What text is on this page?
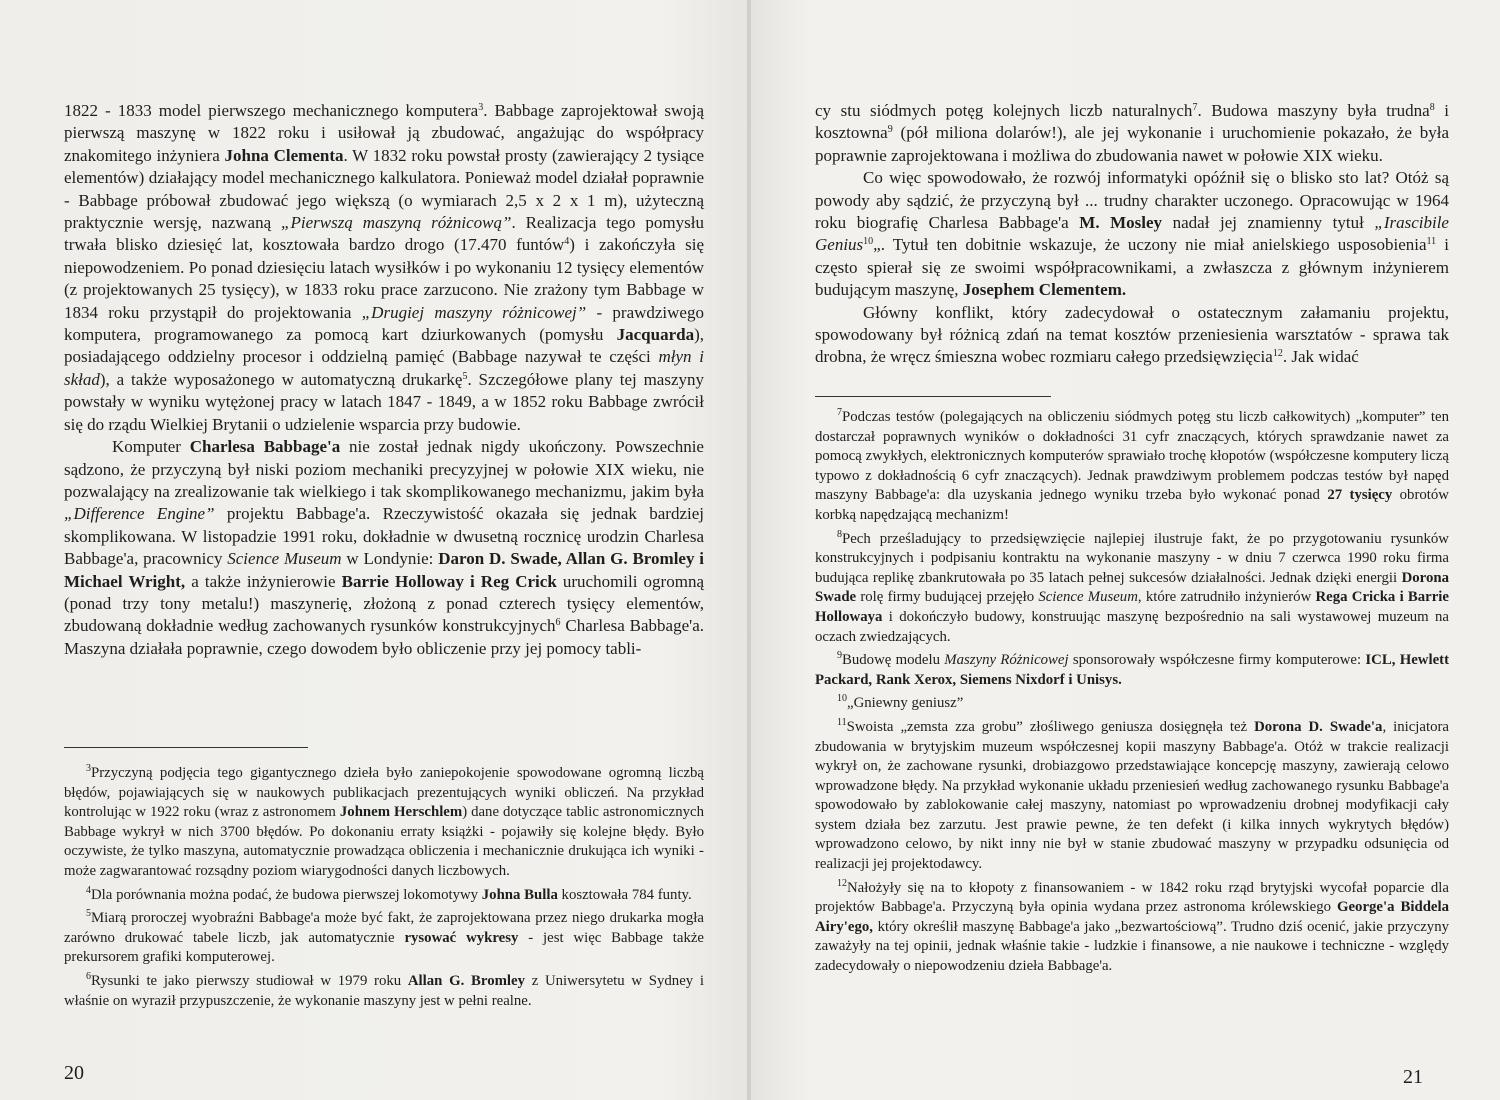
1822 - 1833 model pierwszego mechanicznego komputera$^3$. Babbage zaprojektował swoją pierwszą maszynę w 1822 roku i usiłował ją zbudować, angażując do współpracy znakomitego inżyniera Johna Clementa. W 1832 roku powstał prosty (zawierający 2 tysiące elementów) działający model mechanicznego kalkulatora. Ponieważ model działał poprawnie - Babbage próbował zbudować jego większą (o wymiarach 2,5 x 2 x 1 m), użyteczną praktycznie wersję, nazwaną „Pierwszą maszyną różnicową”. Realizacja tego pomysłu trwała blisko dziesięć lat, kosztowała bardzo drogo (17.470 funtów$^4$) i zakończyła się niepowodzeniem. Po ponad dziesięciu latach wysiłków i po wykonaniu 12 tysięcy elementów (z projektowanych 25 tysięcy), w 1833 roku prace zarzucono. Nie zrażony tym Babbage w 1834 roku przystąpił do projektowania „Drugiej maszyny różnicowej” - prawdziwego komputera, programowanego za pomocą kart dziurkowanych (pomysłu Jacquarda), posiadającego oddzielny procesor i oddzielną pamięć (Babbage nazywał te części młyn i skład), a także wyposażonego w automatyczną drukarkę$^5$. Szczegółowe plany tej maszyny powstały w wyniku wytężonej pracy w latach 1847 - 1849, a w 1852 roku Babbage zwrócił się do rządu Wielkiej Brytanii o udzielenie wsparcia przy budowie.

Komputer Charlesa Babbage'a nie został jednak nigdy ukończony. Powszechnie sądzono, że przyczyną był niski poziom mechaniki precyzyjnej w połowie XIX wieku, nie pozwalający na zrealizowanie tak wielkiego i tak skomplikowanego mechanizmu, jakim była „Difference Engine” projektu Babbage'a. Rzeczywistość okazała się jednak bardziej skomplikowana. W listopadzie 1991 roku, dokładnie w dwusetną rocznicę urodzin Charlesa Babbage'a, pracownicy Science Museum w Londynie: Daron D. Swade, Allan G. Bromley i Michael Wright, a także inżynierowie Barrie Holloway i Reg Crick uruchomili ogromną (ponad trzy tony metalu!) maszynerię, złożoną z ponad czterech tysięcy elementów, zbudowaną dokładnie według zachowanych rysunków konstrukcyjnych$^6$ Charlesa Babbage'a. Maszyna działała poprawnie, czego dowodem było obliczenie przy jej pomocy tabli-

$^3$Przyczyną podjęcia tego gigantycznego dzieła było zaniepokojenie spowodowane ogromną liczbą błędów, pojawiających się w naukowych publikacjach prezentujących wyniki obliczeń. Na przykład kontrolując w 1922 roku (wraz z astronomem Johnem Herschlem) dane dotyczące tablic astronomicznych Babbage wykrył w nich 3700 błędów. Po dokonaniu erraty książki - pojawiły się kolejne błędy. Było oczywiste, że tylko maszyna, automatycznie prowadząca obliczenia i mechanicznie drukująca ich wyniki - może zagwarantować rozsądny poziom wiarygodności danych liczbowych.

$^4$Dla porównania można podać, że budowa pierwszej lokomotywy Johna Bulla kosztowała 784 funty.

$^5$Miarą proroczej wyobraźni Babbage'a może być fakt, że zaprojektowana przez niego drukarka mogła zarówno drukować tabele liczb, jak automatycznie rysować wykresy - jest więc Babbage także prekursorem grafiki komputerowej.

$^6$Rysunki te jako pierwszy studiował w 1979 roku Allan G. Bromley z Uniwersytetu w Sydney i właśnie on wyraził przypuszczenie, że wykonanie maszyny jest w pełni realne.

20

cy stu siódmych potęg kolejnych liczb naturalnych$^7$. Budowa maszyny była trudna$^8$ i kosztowna$^9$ (pół miliona dolarów!), ale jej wykonanie i uruchomienie pokazało, że była poprawnie zaprojektowana i możliwa do zbudowania nawet w połowie XIX wieku.

Co więc spowodowało, że rozwój informatyki opóźnił się o blisko sto lat? Otóż są powody aby sądzić, że przyczyną był ... trudny charakter uczonego. Opracowując w 1964 roku biografię Charlesa Babbage'a M. Mosley nadał jej znamienny tytuł „Irascibile Genius$^{10}$„. Tytuł ten dobitnie wskazuje, że uczony nie miał anielskiego usposobienia$^{11}$ i często spierał się ze swoimi współpracownikami, a zwłaszcza z głównym inżynierem budującym maszynę, Josephem Clementem.

Główny konflikt, który zadecydował o ostatecznym załamaniu projektu, spowodowany był różnicą zdań na temat kosztów przeniesienia warsztatów - sprawa tak drobna, że wręcz śmieszna wobec rozmiaru całego przedsięwzięcia$^{12}$. Jak widać

$^7$Podczas testów (polegających na obliczeniu siódmych potęg stu liczb całkowitych) „komputer” ten dostarczał poprawnych wyników o dokładności 31 cyfr znaczących, których sprawdzanie nawet za pomocą zwykłych, elektronicznych komputerów sprawiało trochę kłopotów (współczesne komputery liczą typowo z dokładnością 6 cyfr znaczących). Jednak prawdziwym problemem podczas testów był napęd maszyny Babbage'a: dla uzyskania jednego wyniku trzeba było wykonać ponad 27 tysięcy obrotów korbką napędzającą mechanizm!

$^8$Pech prześladujący to przedsięwzięcie najlepiej ilustruje fakt, że po przygotowaniu rysunków konstrukcyjnych i podpisaniu kontraktu na wykonanie maszyny - w dniu 7 czerwca 1990 roku firma budująca replikę zbankrutowała po 35 latach pełnej sukcesów działalności. Jednak dzięki energii Dorona Swade rolę firmy budującej przejęło Science Museum, które zatrudniło inżynierów Rega Cricka i Barrie Hollowaya i dokończyło budowy, konstruując maszynę bezpośrednio na sali wystawowej muzeum na oczach zwiedzających.

$^9$Budowę modelu Maszyny Różnicowej sponsorowały współczesne firmy komputerowe: ICL, Hewlett Packard, Rank Xerox, Siemens Nixdorf i Unisys.

$^{10}$„Gniewny geniusz”

$^{11}$Swoista „zemsta zza grobu” złośliwego geniusza dosięgnęła też Dorona D. Swade'a, inicjatora zbudowania w brytyjskim muzeum współczesnej kopii maszyny Babbage'a. Otóż w trakcie realizacji wykrył on, że zachowane rysunki, drobiazgowo przedstawiające koncepcję maszyny, zawierają celowo wprowadzone błędy. Na przykład wykonanie układu przeniesień według zachowanego rysunku Babbage'a spowodowało by zablokowanie całej maszyny, natomiast po wprowadzeniu drobnej modyfikacji cały system działa bez zarzutu. Jest prawie pewne, że ten defekt (i kilka innych wykrytych błędów) wprowadzono celowo, by nikt inny nie był w stanie zbudować maszyny w przypadku odsunięcia od realizacji jej projektodawcy.

$^{12}$Nałożyły się na to kłopoty z finansowaniem - w 1842 roku rząd brytyjski wycofał poparcie dla projektów Babbage'a. Przyczyną była opinia wydana przez astronoma królewskiego George'a Biddela Airy'ego, który określił maszynę Babbage'a jako „bezwartościową”. Trudno dziś ocenić, jakie przyczyny zaważyły na tej opinii, jednak właśnie takie - ludzkie i finansowe, a nie naukowe i techniczne - względy zadecydowały o niepowodzeniu dzieła Babbage'a.

21
